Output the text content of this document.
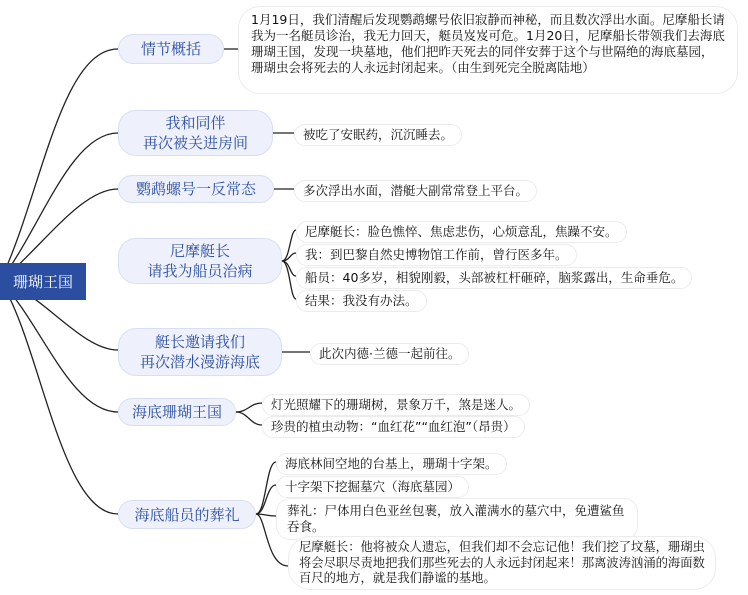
珊瑚王国
情节概括
1月19日，我们清醒后发现鹦鹉螺号依旧寂静而神秘，而且数次浮出水面。尼摩船长请我为一名艇员诊治，我无力回天，艇员岌岌可危。1月20日，尼摩船长带领我们去海底珊瑚王国，发现一块墓地，他们把昨天死去的同伴安葬于这个与世隔绝的海底墓园，珊瑚虫会将死去的人永远封闭起来。（由生到死完全脱离陆地）
我和同伴
再次被关进房间	被吃了安眠药，沉沉睡去。
鹦鹉螺号一反常态	多次浮出水面，潜艇大副常常登上平台。
尼摩艇长
请我为船员治病
尼摩艇长：脸色憔悴、焦虑悲伤，心烦意乱，焦躁不安。
我：到巴黎自然史博物馆工作前，曾行医多年。
船员：40多岁，相貌刚毅，头部被杠杆砸碎，脑浆露出，生命垂危。
结果：我没有办法。
艇长邀请我们
再次潜水漫游海底	此次内德·兰德一起前往。
海底珊瑚王国	灯光照耀下的珊瑚树，景象万千，煞是迷人。
珍贵的植虫动物：“血红花”“血红泡”（昂贵）
海底船员的葬礼
海底林间空地的台基上，珊瑚十字架。
十字架下挖掘墓穴（海底墓园）
葬礼：尸体用白色亚丝包裹，放入灌满水的墓穴中，免遭鲨鱼吞食。
尼摩艇长：他将被众人遗忘，但我们却不会忘记他！我们挖了坟墓，珊瑚虫将会尽职尽责地把我们那些死去的人永远封闭起来！那离波涛汹涌的海面数百尺的地方，就是我们静谧的基地。
